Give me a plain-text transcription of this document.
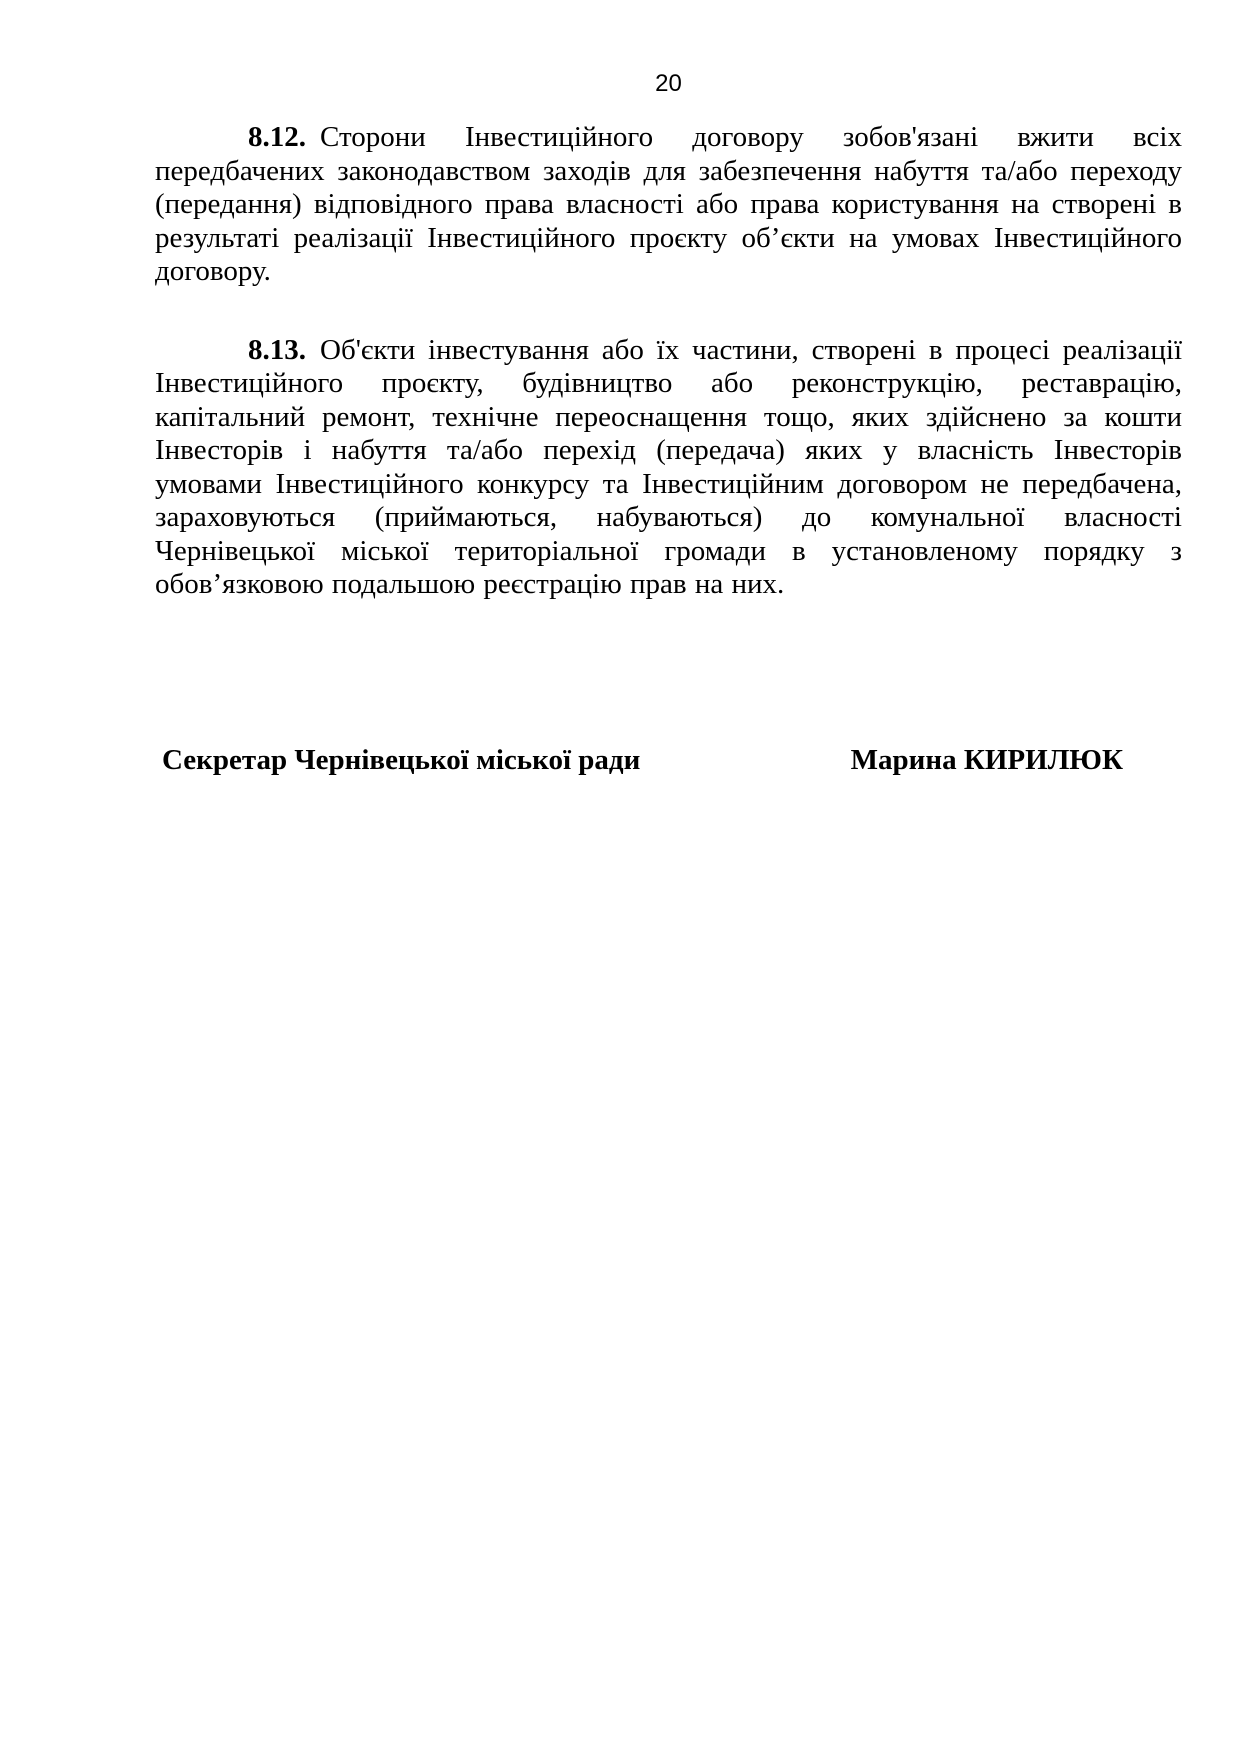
20

8.12. Сторони Інвестиційного договору зобов'язані вжити всіх передбачених законодавством заходів для забезпечення набуття та/або переходу (передання) відповідного права власності або права користування на створені в результаті реалізації Інвестиційного проєкту об’єкти на умовах Інвестиційного договору.

8.13. Об'єкти інвестування або їх частини, створені в процесі реалізації Інвестиційного проєкту, будівництво або реконструкцію, реставрацію, капітальний ремонт, технічне переоснащення тощо, яких здійснено за кошти Інвесторів і набуття та/або перехід (передача) яких у власність Інвесторів умовами Інвестиційного конкурсу та Інвестиційним договором не передбачена, зараховуються (приймаються, набуваються) до комунальної власності Чернівецької міської територіальної громади в установленому порядку з обов’язковою подальшою реєстрацію прав на них.

Секретар Чернівецької міської ради	Марина КИРИЛЮК
